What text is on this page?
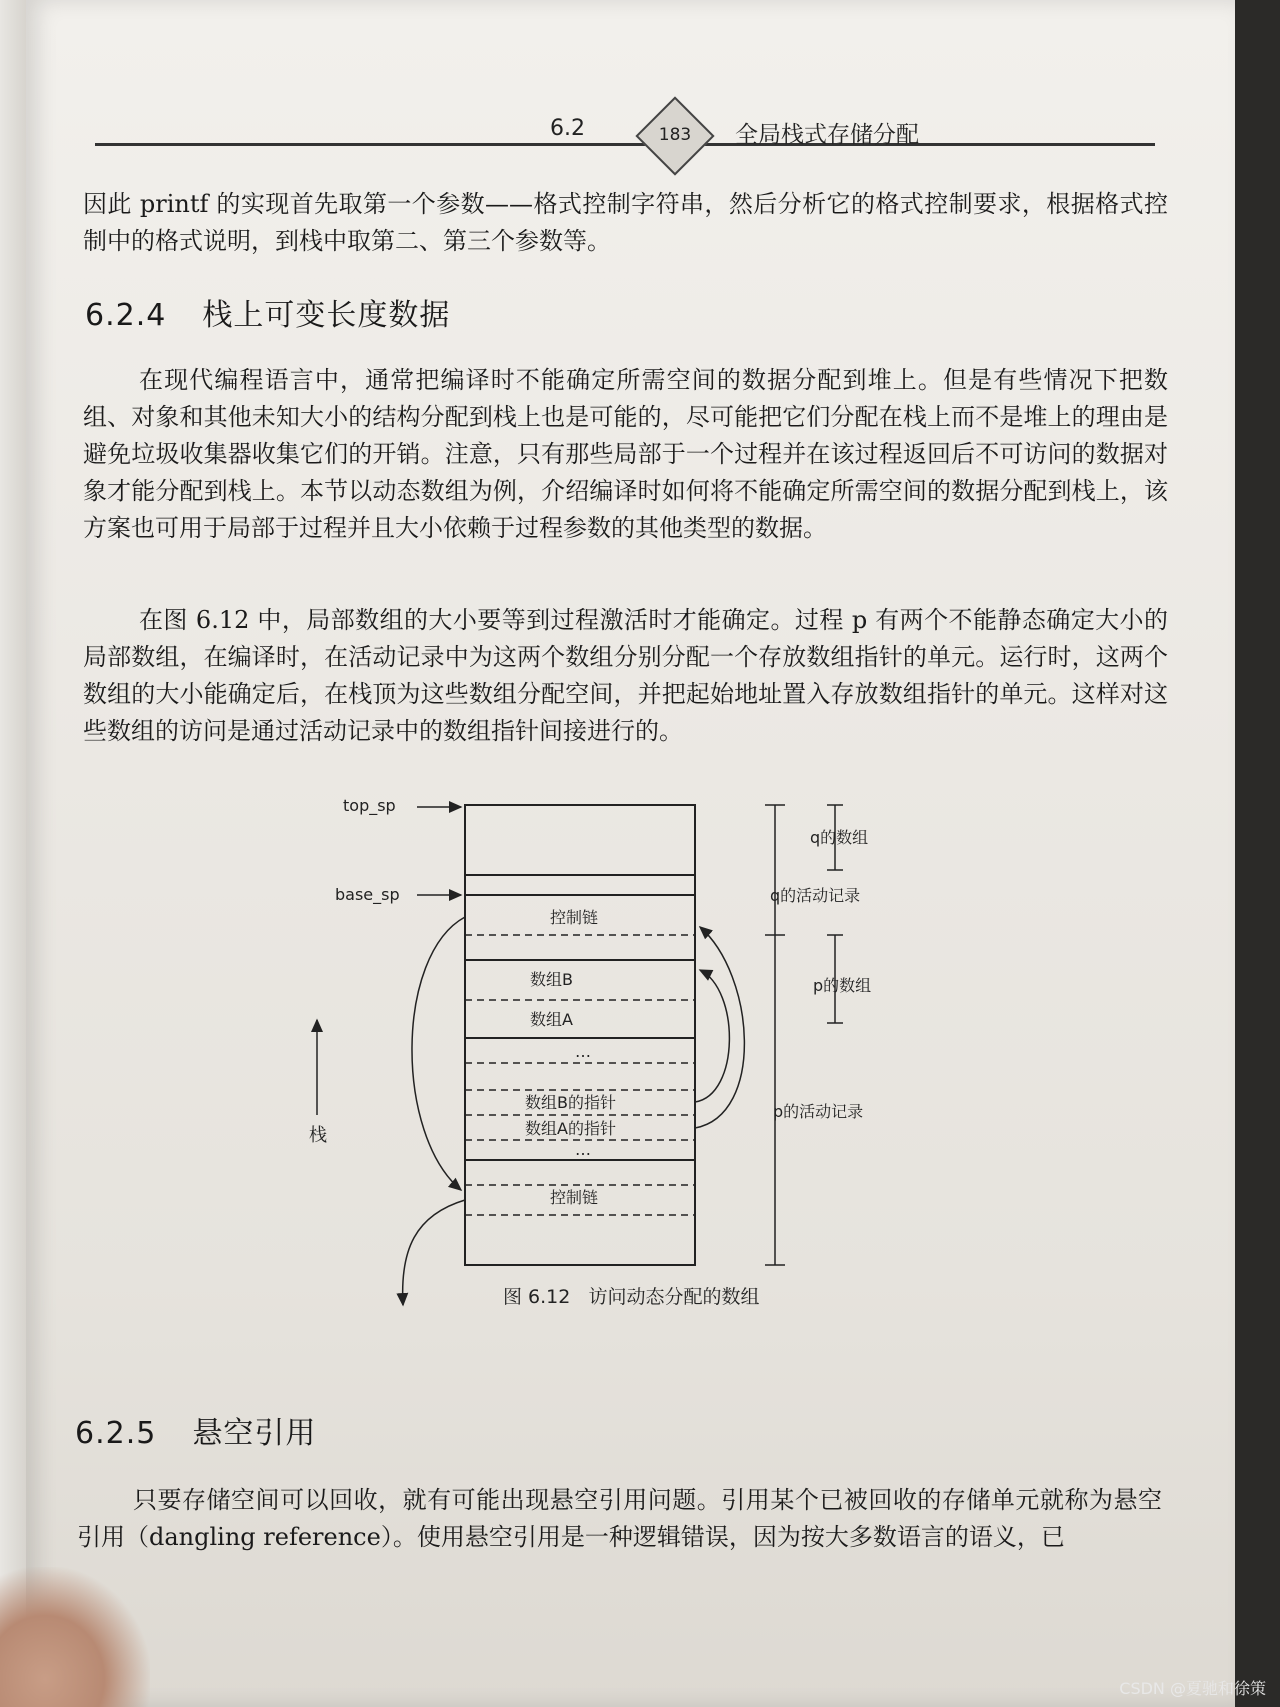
6.2	183 全局栈式存储分配
因此 printf 的实现首先取第一个参数——格式控制字符串，然后分析它的格式控制要求，根据格式控制中的格式说明，到栈中取第二、第三个参数等。
6.2.4 栈上可变长度数据
在现代编程语言中，通常把编译时不能确定所需空间的数据分配到堆上。但是有些情况下把数组、对象和其他未知大小的结构分配到栈上也是可能的，尽可能把它们分配在栈上而不是堆上的理由是避免垃圾收集器收集它们的开销。注意，只有那些局部于一个过程并在该过程返回后不可访问的数据对象才能分配到栈上。本节以动态数组为例，介绍编译时如何将不能确定所需空间的数据分配到栈上，该方案也可用于局部于过程并且大小依赖于过程参数的其他类型的数据。
在图 6.12 中，局部数组的大小要等到过程激活时才能确定。过程 p 有两个不能静态确定大小的局部数组，在编译时，在活动记录中为这两个数组分别分配一个存放数组指针的单元。运行时，这两个数组的大小能确定后，在栈顶为这些数组分配空间，并把起始地址置入存放数组指针的单元。这样对这些数组的访问是通过活动记录中的数组指针间接进行的。
top_sp
base_sp
栈
控制链
数组B
数组A
…
数组B的指针
数组A的指针
…
控制链
q的数组
q的活动记录
p的数组
p的活动记录
图 6.12 访问动态分配的数组
6.2.5 悬空引用
只要存储空间可以回收，就有可能出现悬空引用问题。引用某个已被回收的存储单元就称为悬空引用（dangling reference）。使用悬空引用是一种逻辑错误，因为按大多数语言的语义，已
CSDN @夏驰和徐策
